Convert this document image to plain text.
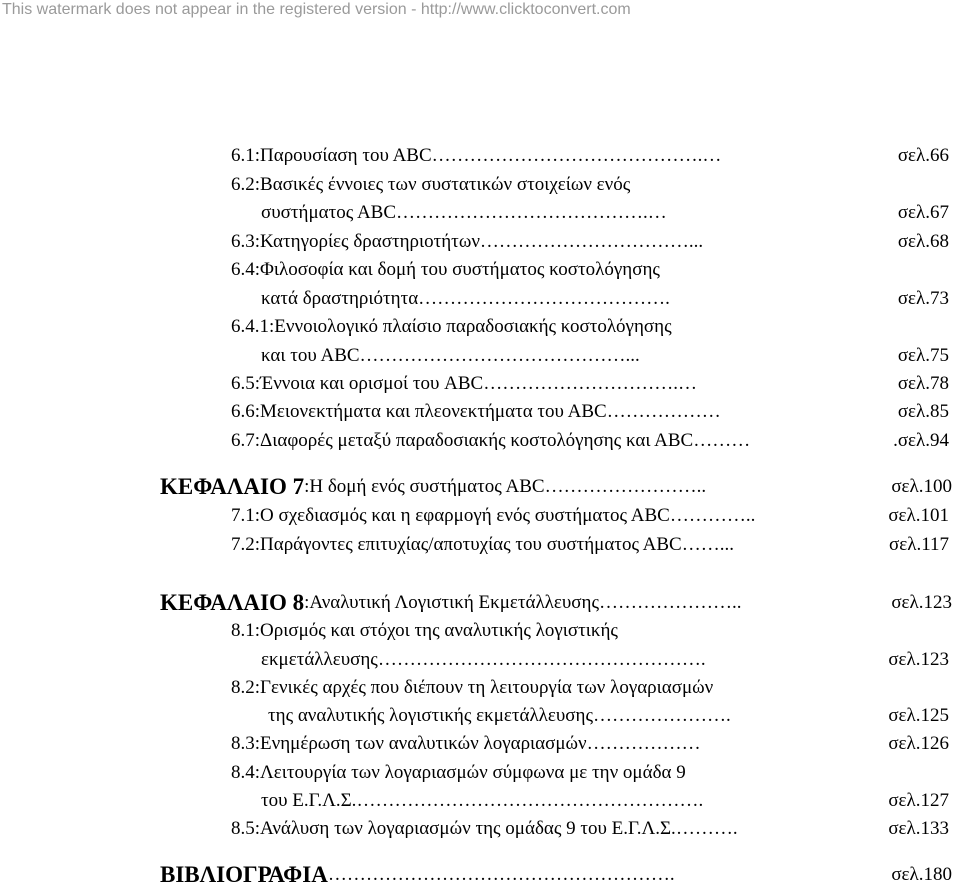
This watermark does not appear in the registered version - http://www.clicktoconvert.com
6.1:Παρουσίαση του ΑΒC …………………………………….…	σελ.66
6.2:Βασικές έννοιες των συστατικών στοιχείων ενός
συστήματος ΑΒC ………………………………….…	σελ.67
6.3:Κατηγορίες δραστηριοτήτων ……………………………...	σελ.68
6.4:Φιλοσοφία και δομή του συστήματος κοστολόγησης
κατά δραστηριότητα ………………………………….	σελ.73
6.4.1:Εννοιολογικό πλαίσιο παραδοσιακής κοστολόγησης
και του ΑΒC ……………………………………...	σελ.75
6.5:Έννοια και ορισμοί του ABC ………………………….…	σελ.78
6.6:Μειονεκτήματα και πλεονεκτήματα του ΑΒC ………………	σελ.85
6.7:Διαφορές μεταξύ παραδοσιακής κοστολόγησης και ΑΒC ………	.σελ.94
ΚΕΦΑΛΑΙΟ 7 :Η δομή ενός συστήματος ΑΒC ……………………..	σελ.100
7.1:Ο σχεδιασμός και η εφαρμογή ενός συστήματος ΑΒC …………..	σελ.101
7.2:Παράγοντες επιτυχίας/αποτυχίας του συστήματος ΑΒC ……...	σελ.117
ΚΕΦΑΛΑΙΟ 8 :Αναλυτική Λογιστική Εκμετάλλευσης …………………..	σελ.123
8.1:Ορισμός και στόχοι της αναλυτικής λογιστικής
εκμετάλλευσης …………………………………………….	σελ.123
8.2:Γενικές αρχές που διέπουν τη λειτουργία των λογαριασμών
της αναλυτικής λογιστικής εκμετάλλευσης ………………….	σελ.125
8.3:Ενημέρωση των αναλυτικών λογαριασμών ………………	σελ.126
8.4:Λειτουργία των λογαριασμών σύμφωνα με την ομάδα 9
του Ε.Γ.Λ.Σ. ……………………………………………….	σελ.127
8.5:Ανάλυση των λογαριασμών της ομάδας 9 του Ε.Γ.Λ.Σ. ……….	σελ.133
ΒΙΒΛΙΟΓΡΑΦΙΑ ……………………………………………….	σελ.180
